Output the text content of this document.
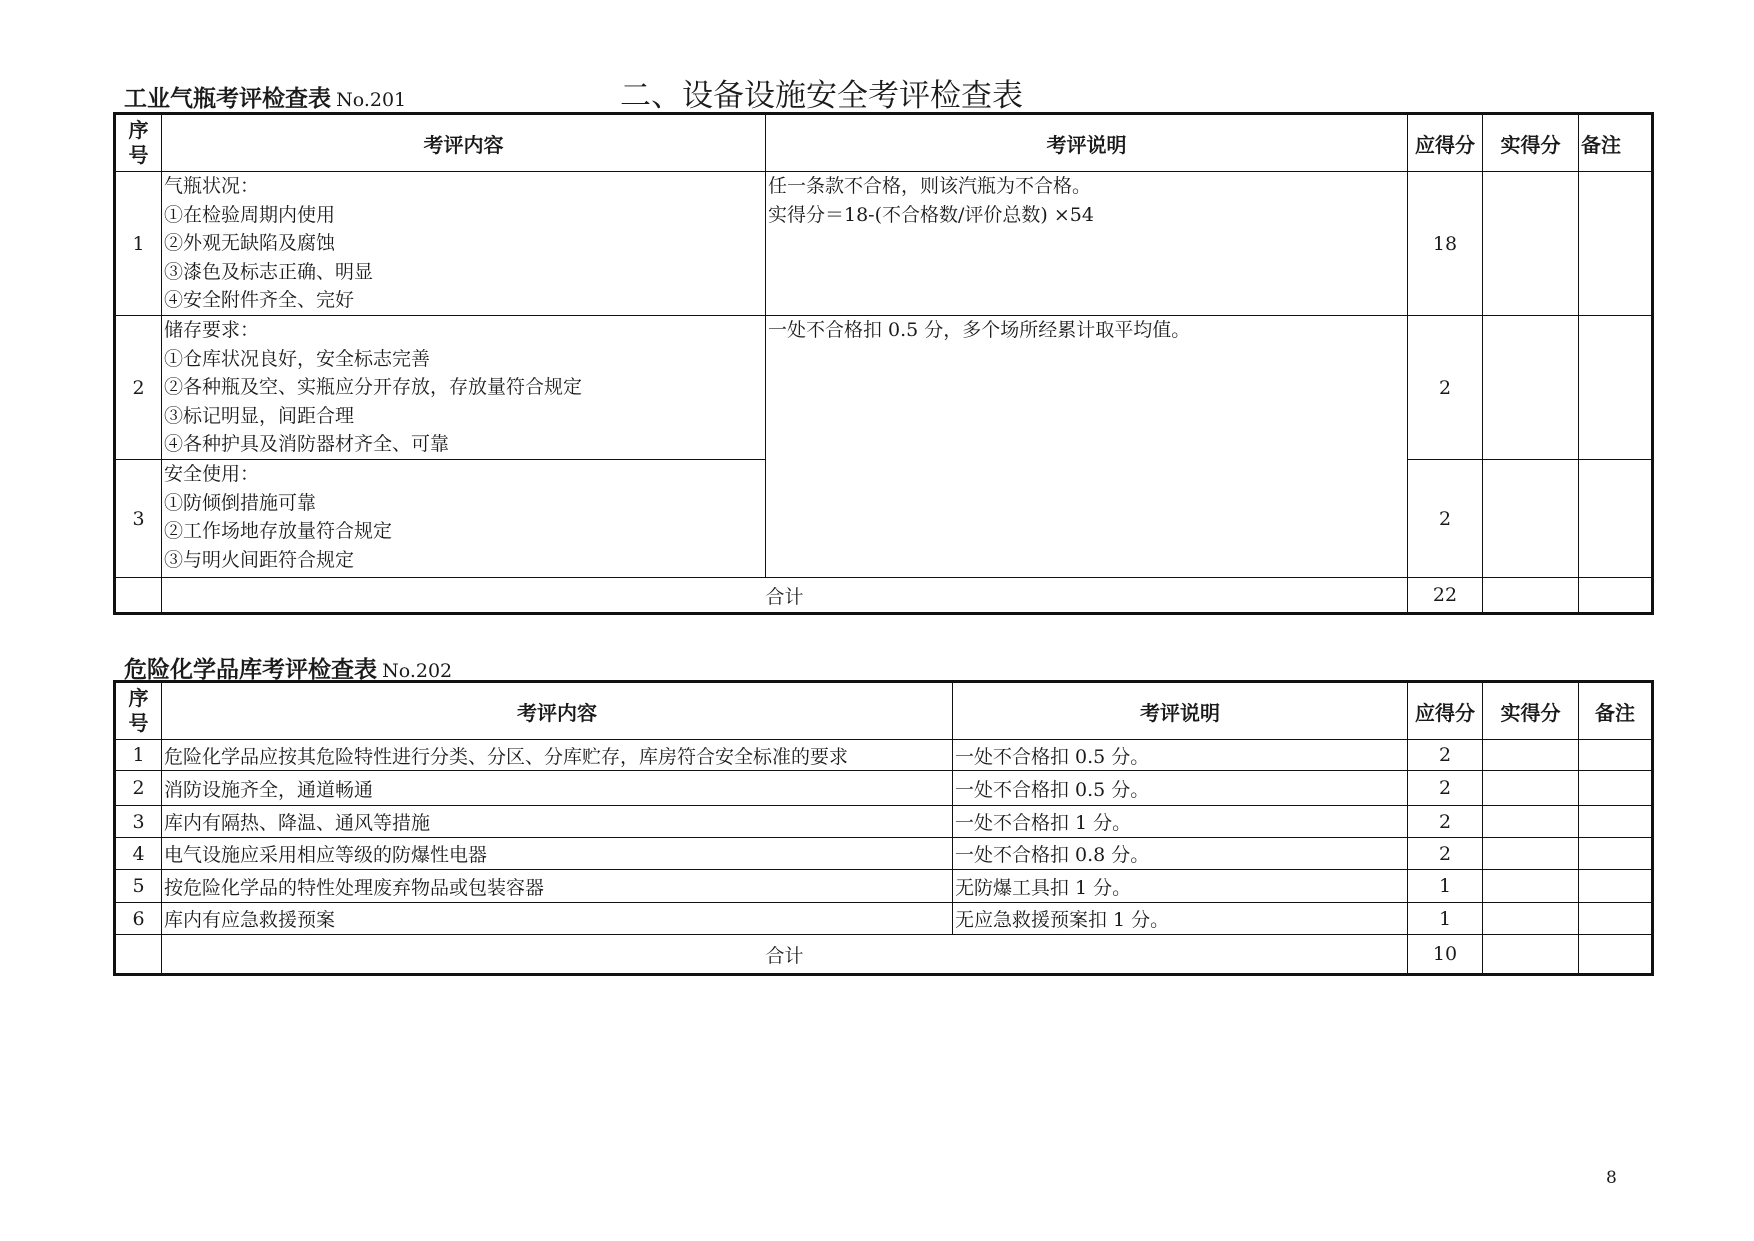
工业气瓶考评检查表 No.201	二、设备设施安全考评检查表
序
号	考评内容	考评说明	应得分	实得分	备注
1	气瓶状况：
①在检验周期内使用
②外观无缺陷及腐蚀
③漆色及标志正确、明显
④安全附件齐全、完好	任一条款不合格，则该汽瓶为不合格。
实得分＝18-(不合格数/评价总数) ×54	18		
2	储存要求：
①仓库状况良好，安全标志完善
②各种瓶及空、实瓶应分开存放，存放量符合规定
③标记明显，间距合理
④各种护具及消防器材齐全、可靠	一处不合格扣 0.5 分，多个场所经累计取平均值。	2		
3	安全使用：
①防倾倒措施可靠
②工作场地存放量符合规定
③与明火间距符合规定		2		
	合计		22		
危险化学品库考评检查表 No.202
序
号	考评内容	考评说明	应得分	实得分	备注
1	危险化学品应按其危险特性进行分类、分区、分库贮存，库房符合安全标准的要求	一处不合格扣 0.5 分。	2		
2	消防设施齐全，通道畅通	一处不合格扣 0.5 分。	2		
3	库内有隔热、降温、通风等措施	一处不合格扣 1 分。	2		
4	电气设施应采用相应等级的防爆性电器	一处不合格扣 0.8 分。	2		
5	按危险化学品的特性处理废弃物品或包装容器	无防爆工具扣 1 分。	1		
6	库内有应急救援预案	无应急救援预案扣 1 分。	1		
	合计		10		
8
